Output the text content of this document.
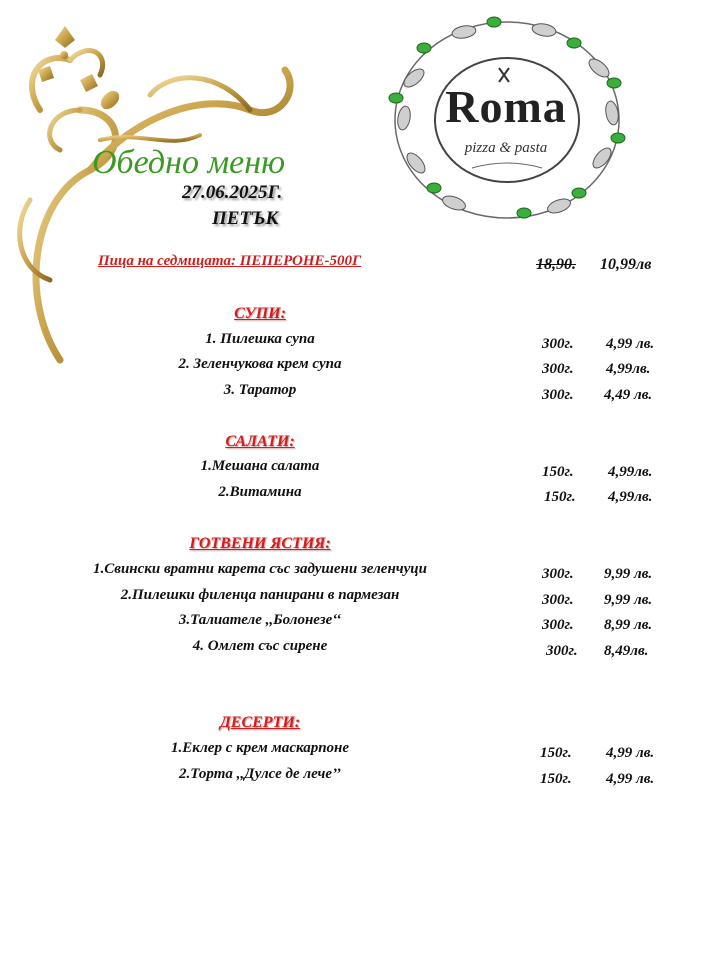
Roma
pizza & pasta
Обедно меню
27.06.2025Г.
ПЕТЪК
Пица на седмицата: ПЕПЕРОНЕ-500Г	18,90. 10,99лв
СУПИ:
1. Пилешка супа	300г. 4,99 лв.
2. Зеленчукова крем супа	300г. 4,99лв.
3. Таратор	300г. 4,49 лв.
САЛАТИ:
1.Мешана салата	150г. 4,99лв.
2.Витамина	150г. 4,99лв.
ГОТВЕНИ ЯСТИЯ:
1.Свински вратни карета със задушени зеленчуци	300г. 9,99 лв.
2.Пилешки филенца панирани в пармезан	300г. 9,99 лв.
3.Талиателе ,,Болонезе‘‘	300г. 8,99 лв.
4. Омлет със сирене	300г. 8,49лв.
ДЕСЕРТИ:
1.Еклер с крем маскарпоне	150г. 4,99 лв.
2.Торта ,,Дулсе де лече’’	150г. 4,99 лв.
